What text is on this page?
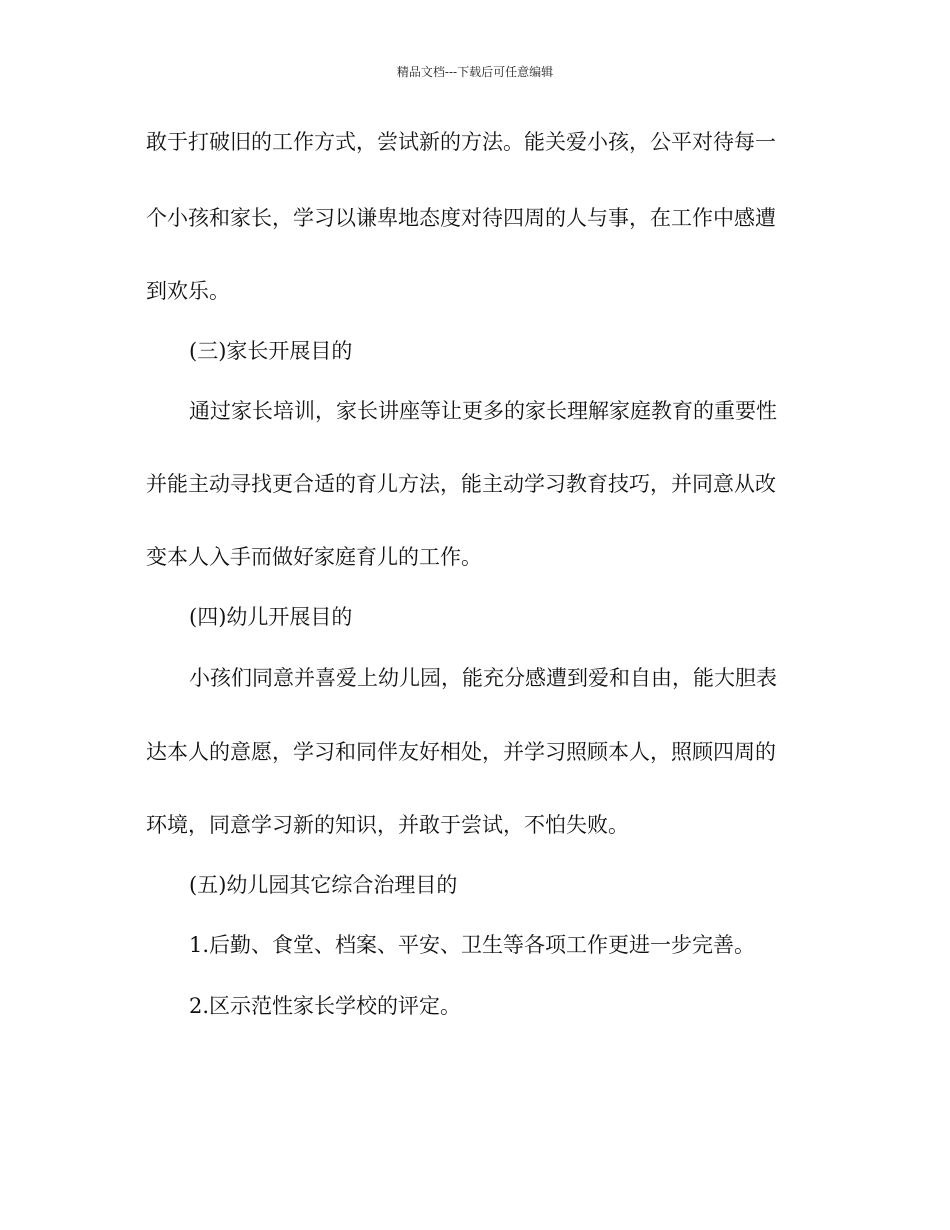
精品文档---下载后可任意编辑
敢于打破旧的工作方式，尝试新的方法。能关爱小孩，公平对待每一
个小孩和家长，学习以谦卑地态度对待四周的人与事，在工作中感遭
到欢乐。
(三)家长开展目的
通过家长培训，家长讲座等让更多的家长理解家庭教育的重要性
并能主动寻找更合适的育儿方法，能主动学习教育技巧，并同意从改
变本人入手而做好家庭育儿的工作。
(四)幼儿开展目的
小孩们同意并喜爱上幼儿园，能充分感遭到爱和自由，能大胆表
达本人的意愿，学习和同伴友好相处，并学习照顾本人，照顾四周的
环境，同意学习新的知识，并敢于尝试，不怕失败。
(五)幼儿园其它综合治理目的
1.后勤、食堂、档案、平安、卫生等各项工作更进一步完善。
2.区示范性家长学校的评定。
